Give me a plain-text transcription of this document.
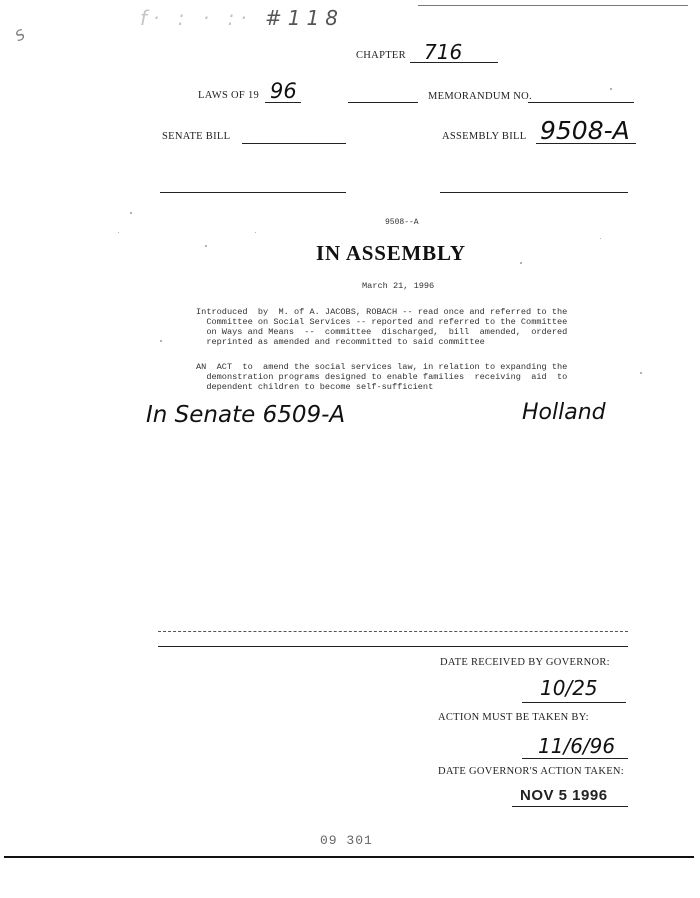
f· : · :· #118
S
CHAPTER 716
LAWS OF 19 96	MEMORANDUM NO.
SENATE BILL	ASSEMBLY BILL 9508-A
9508--A
IN ASSEMBLY
March 21, 1996
Introduced  by  M. of A. JACOBS, ROBACH -- read once and referred to the
Committee on Social Services -- reported and referred to the Committee
on Ways and Means  --  committee  discharged,  bill  amended,  ordered
reprinted as amended and recommitted to said committee
AN  ACT  to  amend the social services law, in relation to expanding the
demonstration programs designed to enable families  receiving  aid  to
dependent children to become self-sufficient
In Senate 6509-A	Holland
DATE RECEIVED BY GOVERNOR:
10/25
ACTION MUST BE TAKEN BY:
11/6/96
DATE GOVERNOR'S ACTION TAKEN:
NOV 5 1996
09 301
